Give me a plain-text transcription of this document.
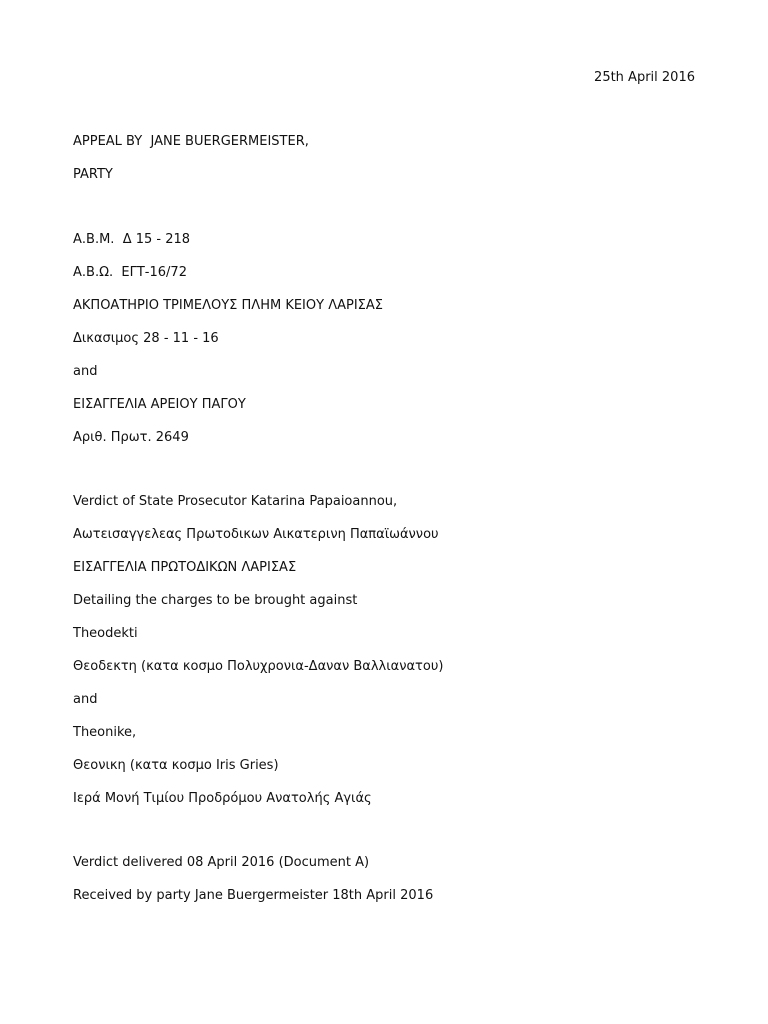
25th April 2016
APPEAL BY  JANE BUERGERMEISTER,
PARTY
Α.Β.Μ.  Δ 15 - 218
Α.Β.Ω.  ΕΓΤ-16/72
ΑΚΠΟΑΤΗΡΙΟ ΤΡΙΜΕΛΟΥΣ ΠΛΗΜ ΚΕΙΟΥ ΛΑΡΙΣΑΣ
Δικασιμος 28 - 11 - 16
and
ΕΙΣΑΓΓΕΛΙΑ ΑΡΕΙΟΥ ΠΑΓΟΥ
Αριθ. Πρωτ. 2649
Verdict of State Prosecutor Katarina Papaioannou,
Αωτεισαγγελεας Πρωτοδικων Αικατερινη Παπαϊωάννου
ΕΙΣΑΓΓΕΛΙΑ ΠΡΩΤΟΔΙΚΩΝ ΛΑΡΙΣΑΣ
Detailing the charges to be brought against
Theodekti
Θεοδεκτη (κατα κοσμο Πολυχρονια-Δαναν Βαλλιανατου)
and
Theonike,
Θεονικη (κατα κοσμο Iris Gries)
Ιερά Μονή Τιμίου Προδρόμου Ανατολής Αγιάς
Verdict delivered 08 April 2016 (Document A)
Received by party Jane Buergermeister 18th April 2016
